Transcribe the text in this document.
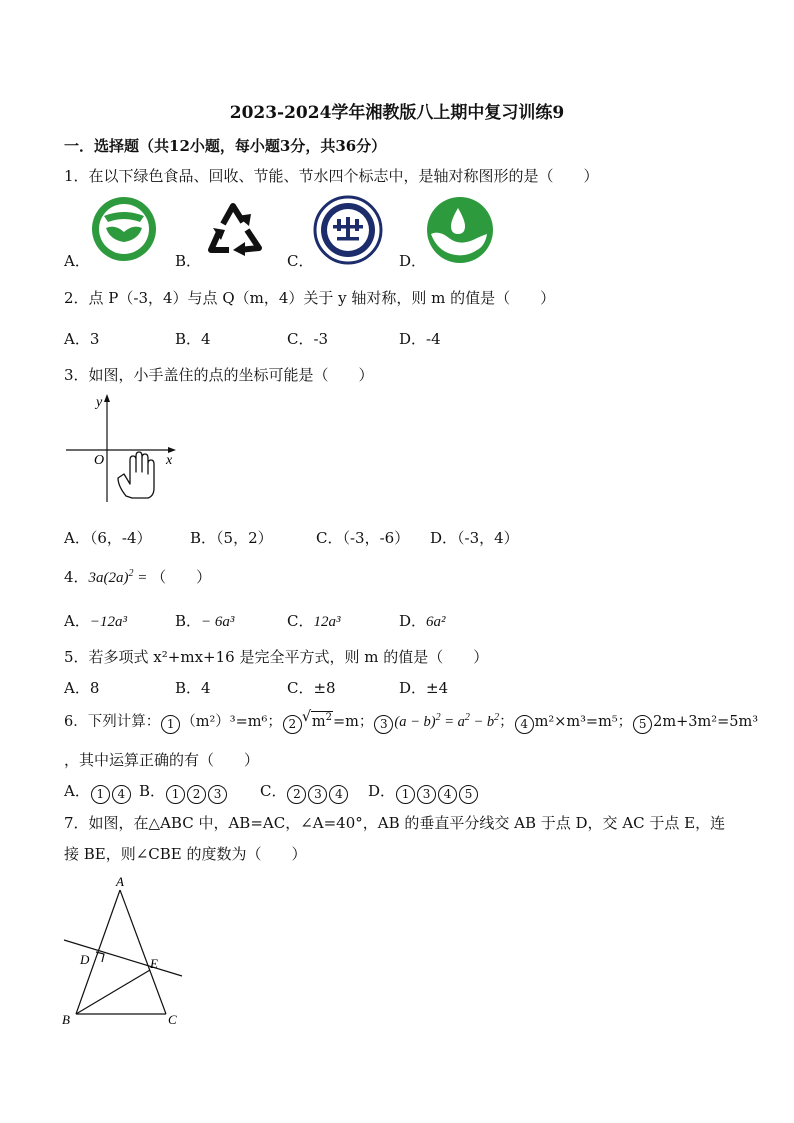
2023-2024学年湘教版八上期中复习训练9
一．选择题（共12小题，每小题3分，共36分）
1．在以下绿色食品、回收、节能、节水四个标志中，是轴对称图形的是（　　）
A．	B．	C．	D．
2．点 P（-3，4）与点 Q（m，4）关于 y 轴对称，则 m 的值是（　　）
A．3	B．4	C．-3	D．-4
3．如图，小手盖住的点的坐标可能是（　　）
y
x
O
A．（6，-4）	B．（5，2）	C．（-3，-6） D．（-3，4）
4．$3a(2a)^2$ = （　　）
A．−12a³	B．− 6a³	C．12a³	D．6a²
5．若多项式 x²+mx+16 是完全平方式，则 m 的值是（　　）
A．8	B．4	C．±8	D．±4
6．下列计算： 1 （m²）³=m⁶； 2 √ $m^2=m$； 3 $(a - b)^2 = a^2 - b^2$； 4 m²×m³=m⁵； 5 2m+3m²=5m³
，其中运算正确的有（　　）
A． 1 4 B． 1 2 3	C． 2 3 4	D． 1 3 4 5
7．如图，在△ABC 中，AB=AC，∠A=40°，AB 的垂直平分线交 AB 于点 D，交 AC 于点 E，连
接 BE，则∠CBE 的度数为（　　）
A
D	E
B	C
